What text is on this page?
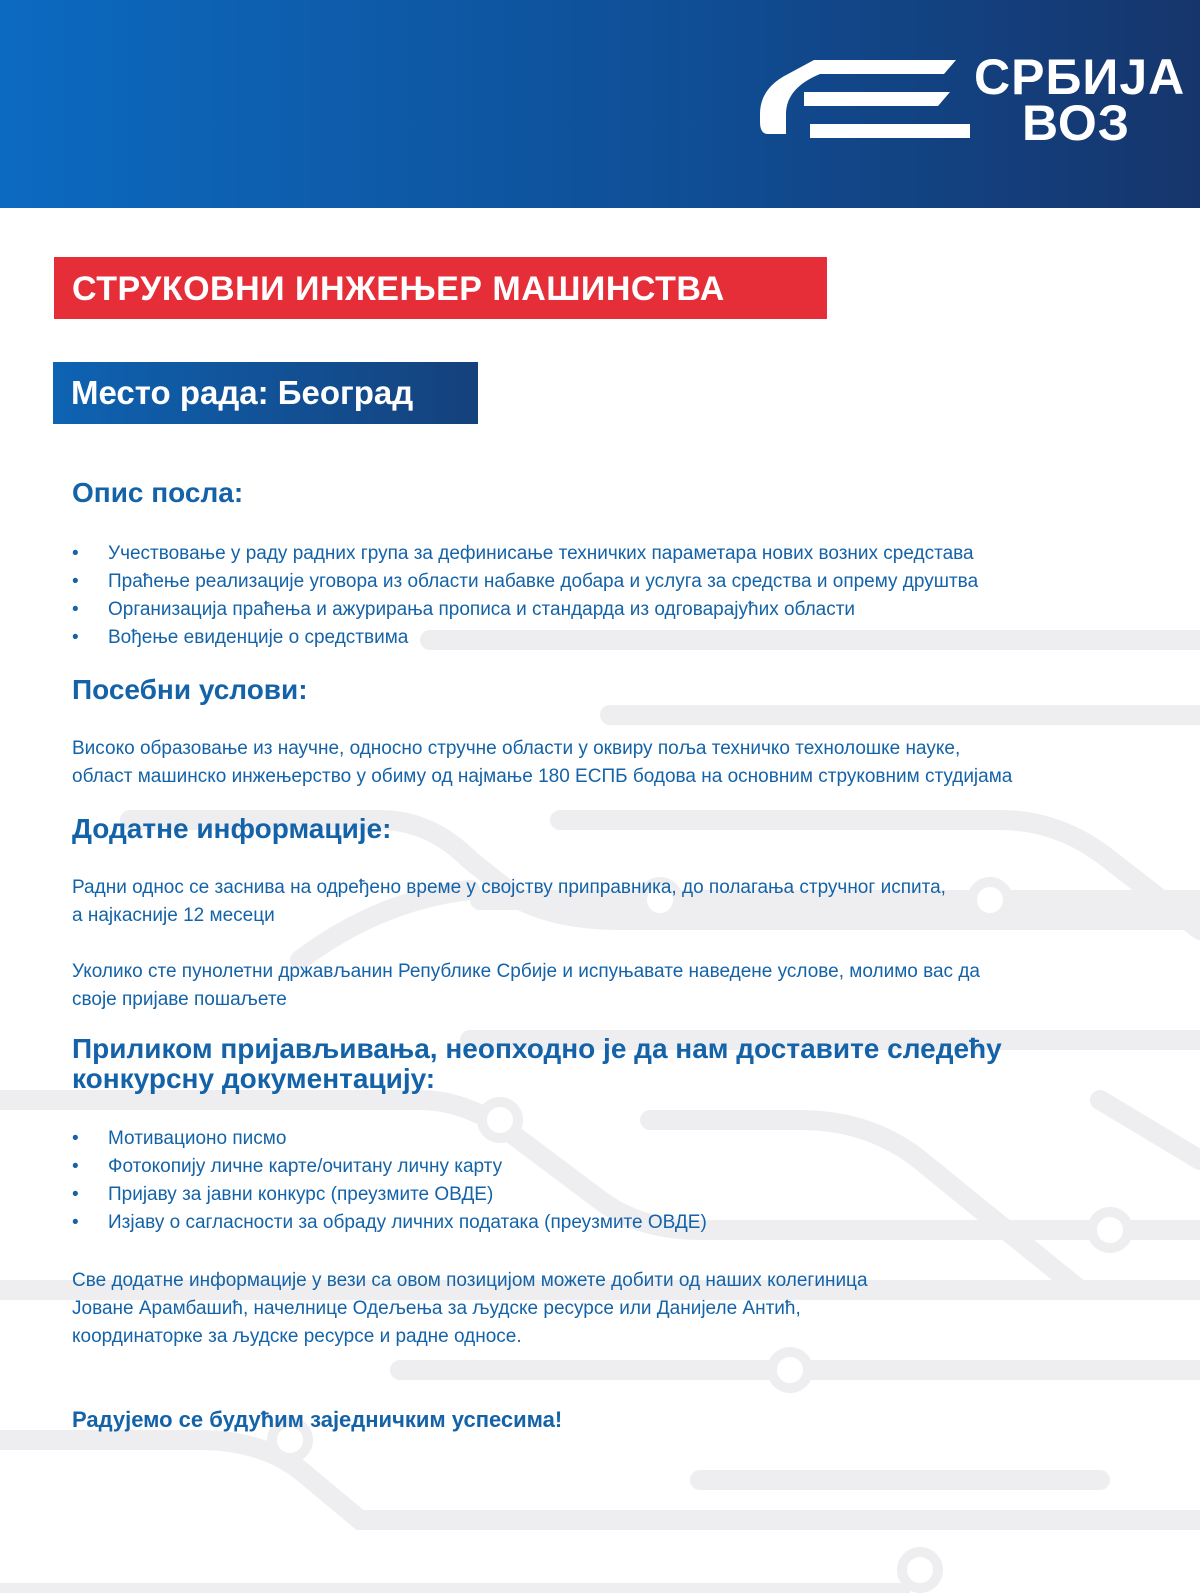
СРБИЈА
ВОЗ
СТРУКОВНИ ИНЖЕЊЕР МАШИНСТВА
Место рада: Београд
Опис посла:
• Учествовање у раду радних група за дефинисање техничких параметара нових возних средстава
• Праћење реализације уговора из области набавке добара и услуга за средства и опрему друштва
• Организација праћења и ажурирања прописа и стандарда из одговарајућих области
• Вођење евиденције о средствима
Посебни услови:
Високо образовање из научне, односно стручне области у оквиру поља техничко технолошке науке,
област машинско инжењерство у обиму од најмање 180 ЕСПБ бодова на основним струковним студијама
Додатне информације:
Радни однос се заснива на одређено време у својству приправника, до полагања стручног испита,
а најкасније 12 месеци
Уколико сте пунолетни држављанин Републике Србије и испуњавате наведене услове, молимо вас да
своје пријаве пошаљете
Приликом пријављивања, неопходно је да нам доставите следећу
конкурсну документацију:
• Мотивационо писмо
• Фотокопију личне карте/очитану личну карту
• Пријаву за јавни конкурс (преузмите ОВДЕ)
• Изјаву о сагласности за обраду личних података (преузмите ОВДЕ)
Све додатне информације у вези са овом позицијом можете добити од наших колегиница
Јоване Арамбашић, начелнице Одељења за људске ресурсе или Данијеле Антић,
координаторке за људске ресурсе и радне односе.
Радујемо се будућим заједничким успесима!
